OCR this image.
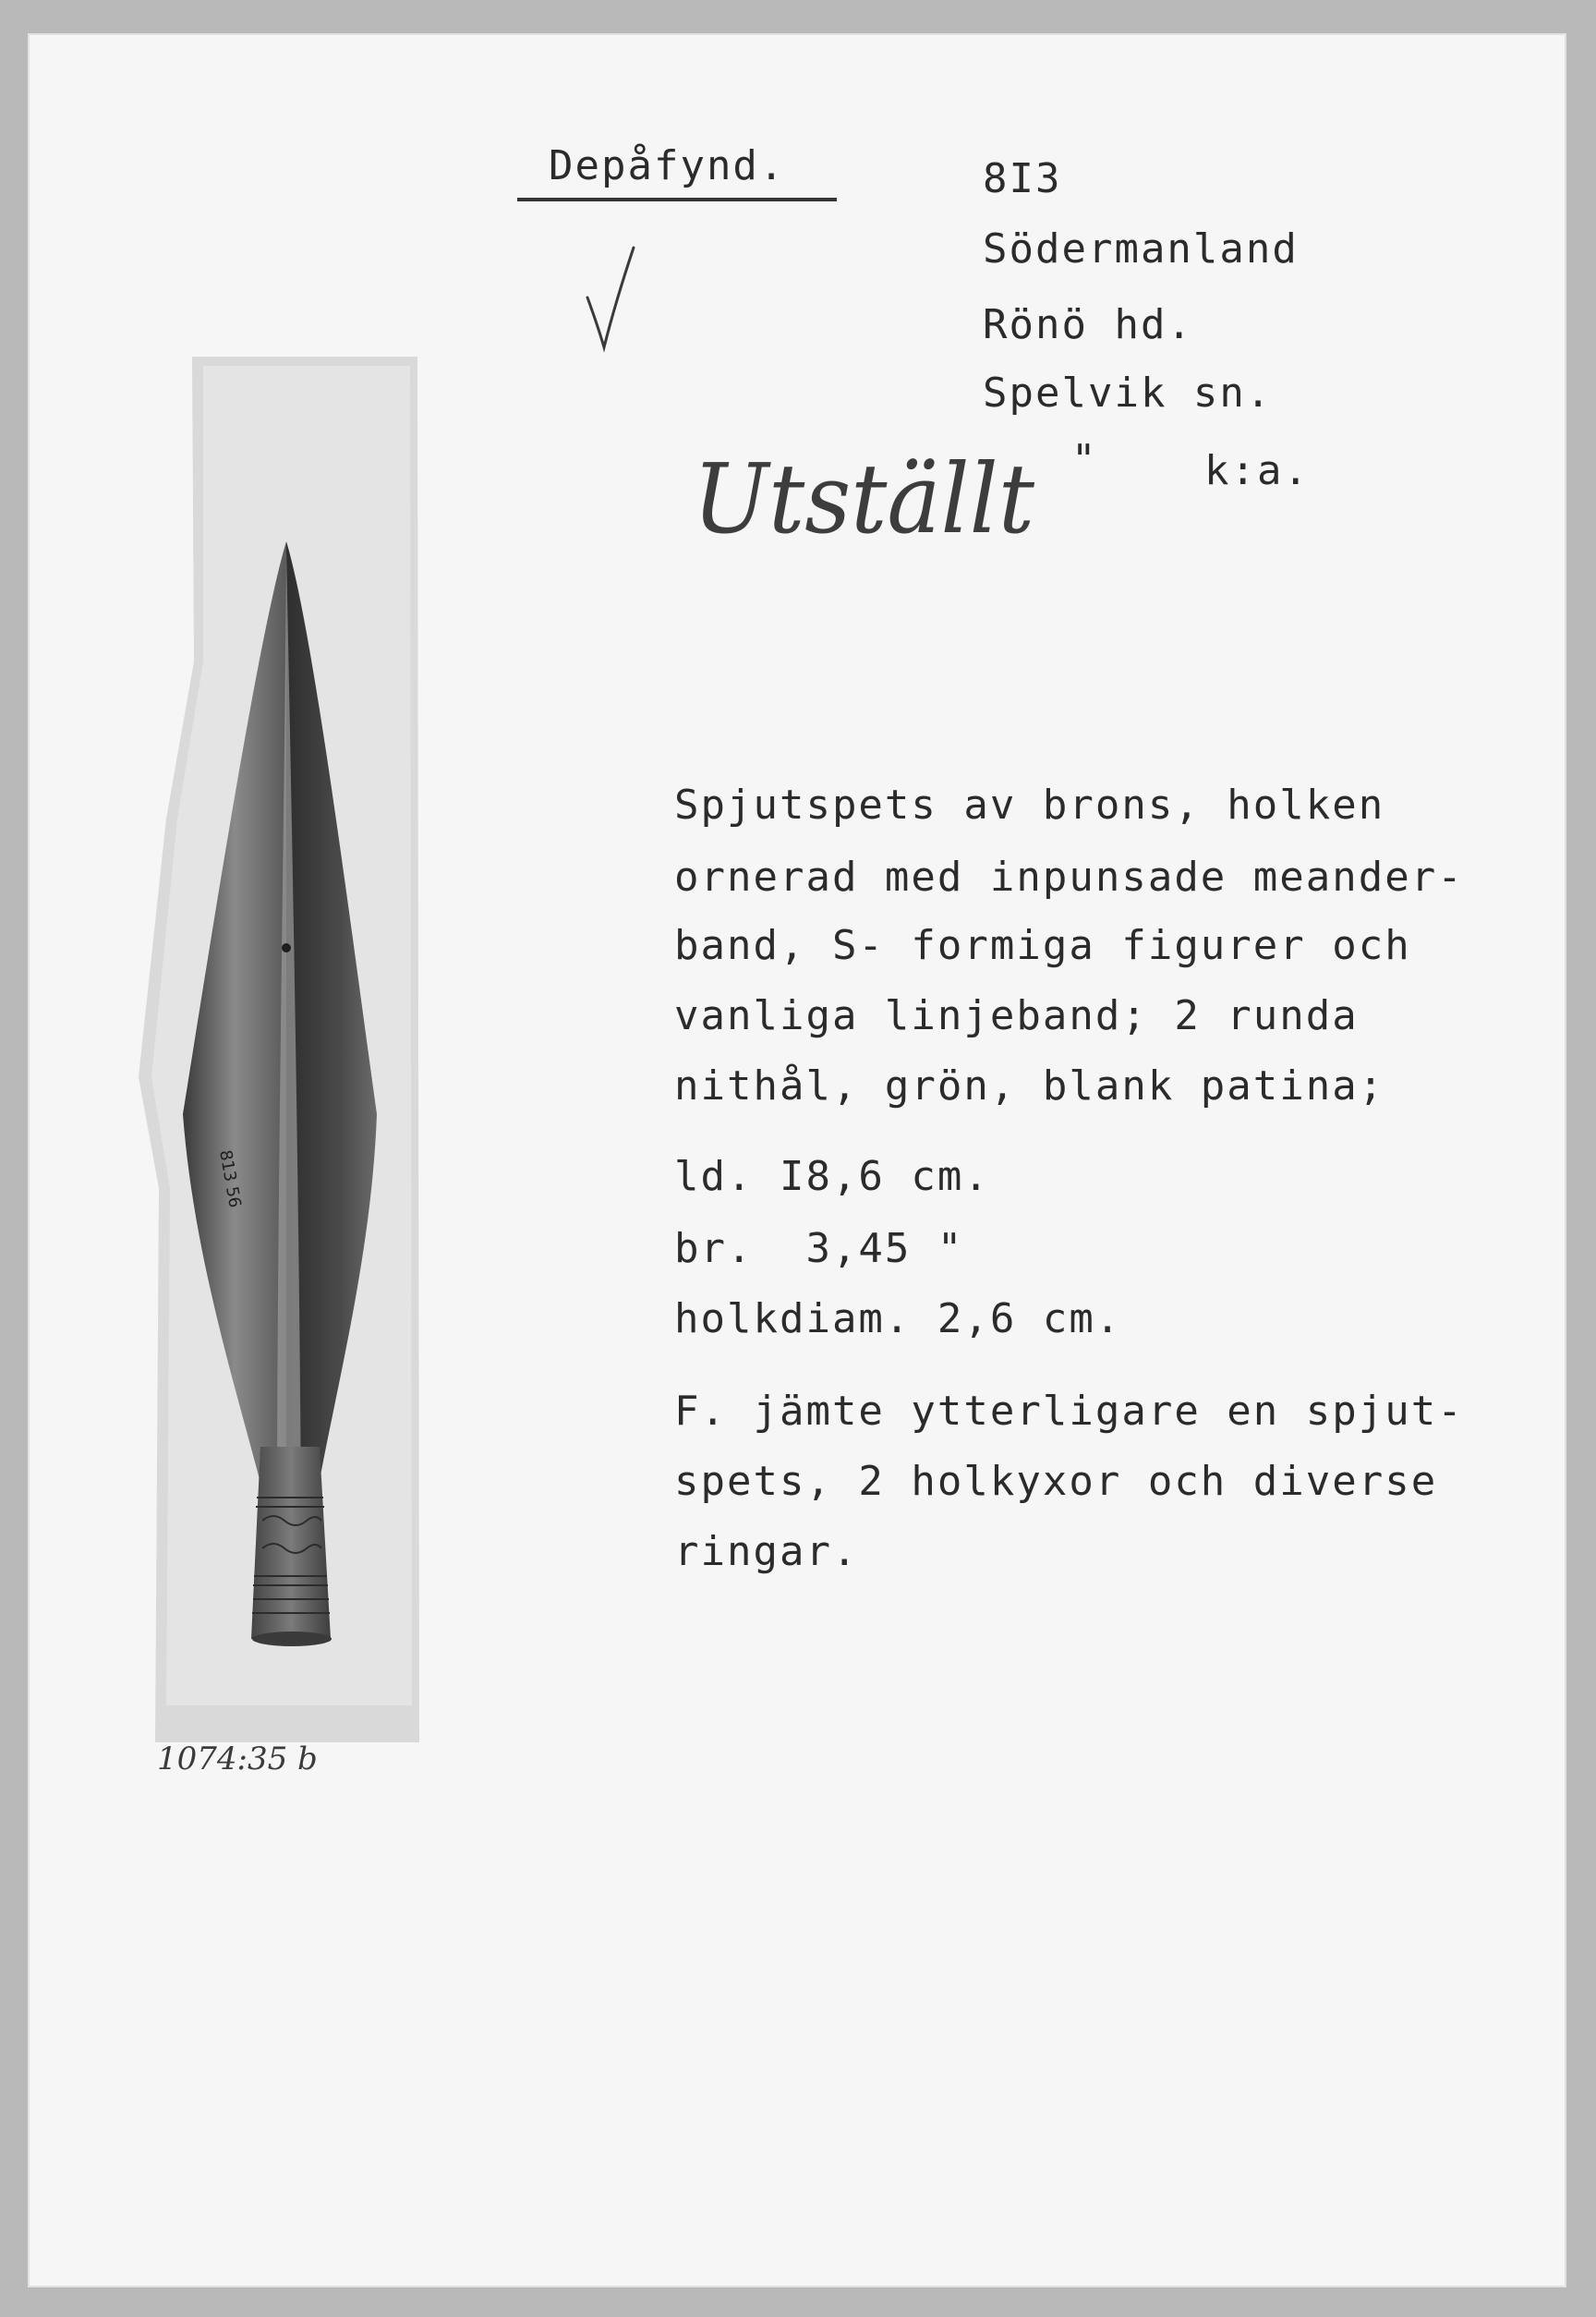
Depåfynd.	8I3
Södermanland
Rönö hd.
Spelvik sn.
"	k:a.
Utställt
Spjutspets av brons, holken
ornerad med inpunsade meander-
band, S- formiga figurer och
vanliga linjeband; 2 runda
nithål, grön, blank patina;
ld. I8,6 cm.
br.  3,45 "
holkdiam. 2,6 cm.
F. jämte ytterligare en spjut-
spets, 2 holkyxor och diverse
ringar.
813 56
1074:35 b
